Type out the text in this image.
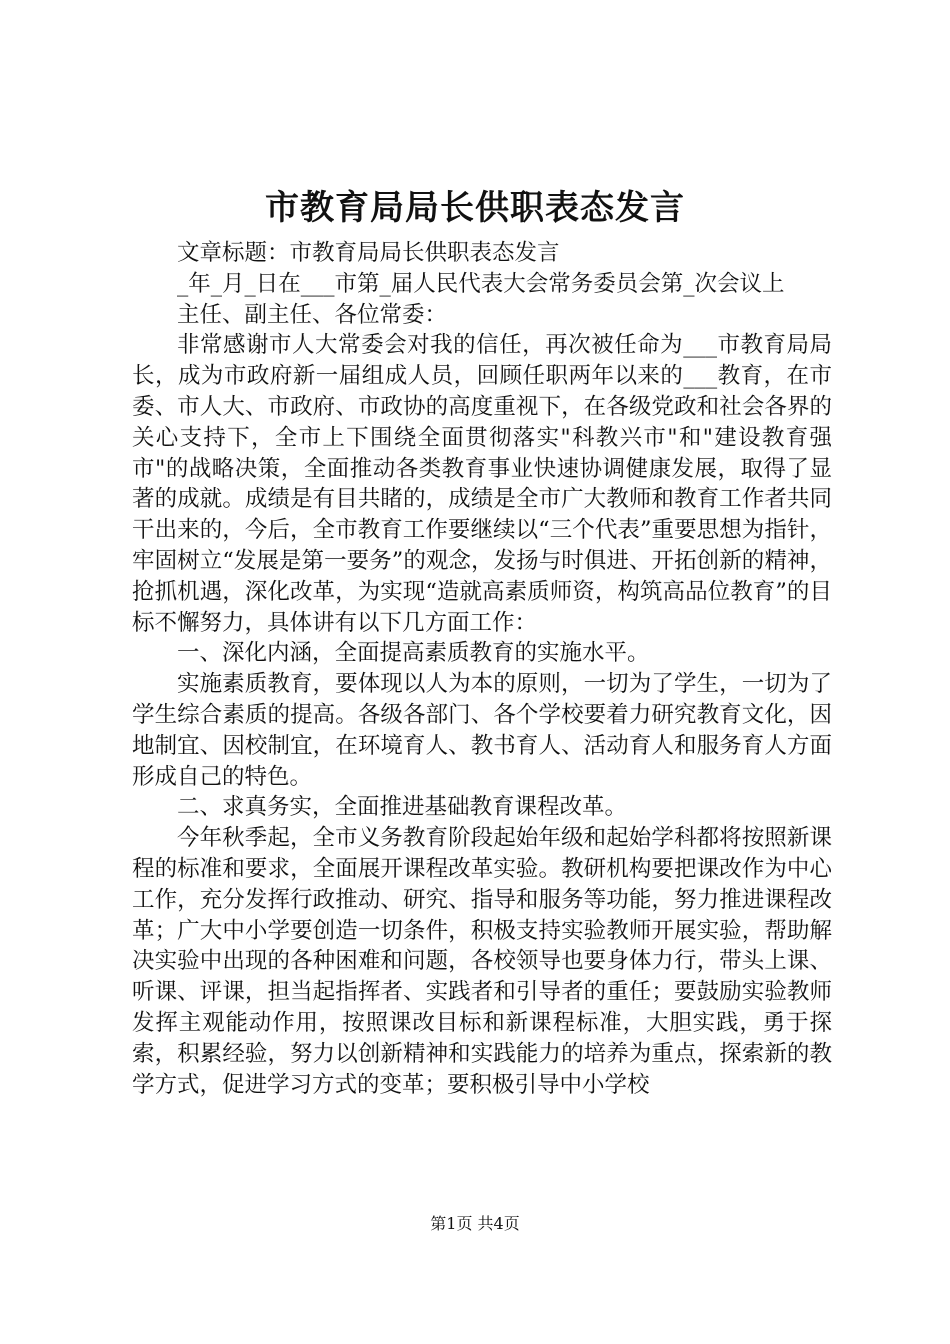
市教育局局长供职表态发言

文章标题：市教育局局长供职表态发言

_年_月_日在___市第_届人民代表大会常务委员会第_次会议上

主任、副主任、各位常委：

非常感谢市人大常委会对我的信任，再次被任命为___市教育局局长，成为市政府新一届组成人员，回顾任职两年以来的___教育，在市委、市人大、市政府、市政协的高度重视下，在各级党政和社会各界的关心支持下，全市上下围绕全面贯彻落实"科教兴市"和"建设教育强市"的战略决策，全面推动各类教育事业快速协调健康发展，取得了显著的成就。成绩是有目共睹的，成绩是全市广大教师和教育工作者共同干出来的，今后，全市教育工作要继续以“三个代表”重要思想为指针，牢固树立“发展是第一要务”的观念，发扬与时俱进、开拓创新的精神，抢抓机遇，深化改革，为实现“造就高素质师资，构筑高品位教育”的目标不懈努力，具体讲有以下几方面工作：

一、深化内涵，全面提高素质教育的实施水平。

实施素质教育，要体现以人为本的原则，一切为了学生，一切为了学生综合素质的提高。各级各部门、各个学校要着力研究教育文化，因地制宜、因校制宜，在环境育人、教书育人、活动育人和服务育人方面形成自己的特色。

二、求真务实，全面推进基础教育课程改革。

今年秋季起，全市义务教育阶段起始年级和起始学科都将按照新课程的标准和要求，全面展开课程改革实验。教研机构要把课改作为中心工作，充分发挥行政推动、研究、指导和服务等功能，努力推进课程改革；广大中小学要创造一切条件，积极支持实验教师开展实验，帮助解决实验中出现的各种困难和问题，各校领导也要身体力行，带头上课、听课、评课，担当起指挥者、实践者和引导者的重任；要鼓励实验教师发挥主观能动作用，按照课改目标和新课程标准，大胆实践，勇于探索，积累经验，努力以创新精神和实践能力的培养为重点，探索新的教学方式，促进学习方式的变革；要积极引导中小学校

第1页 共4页
